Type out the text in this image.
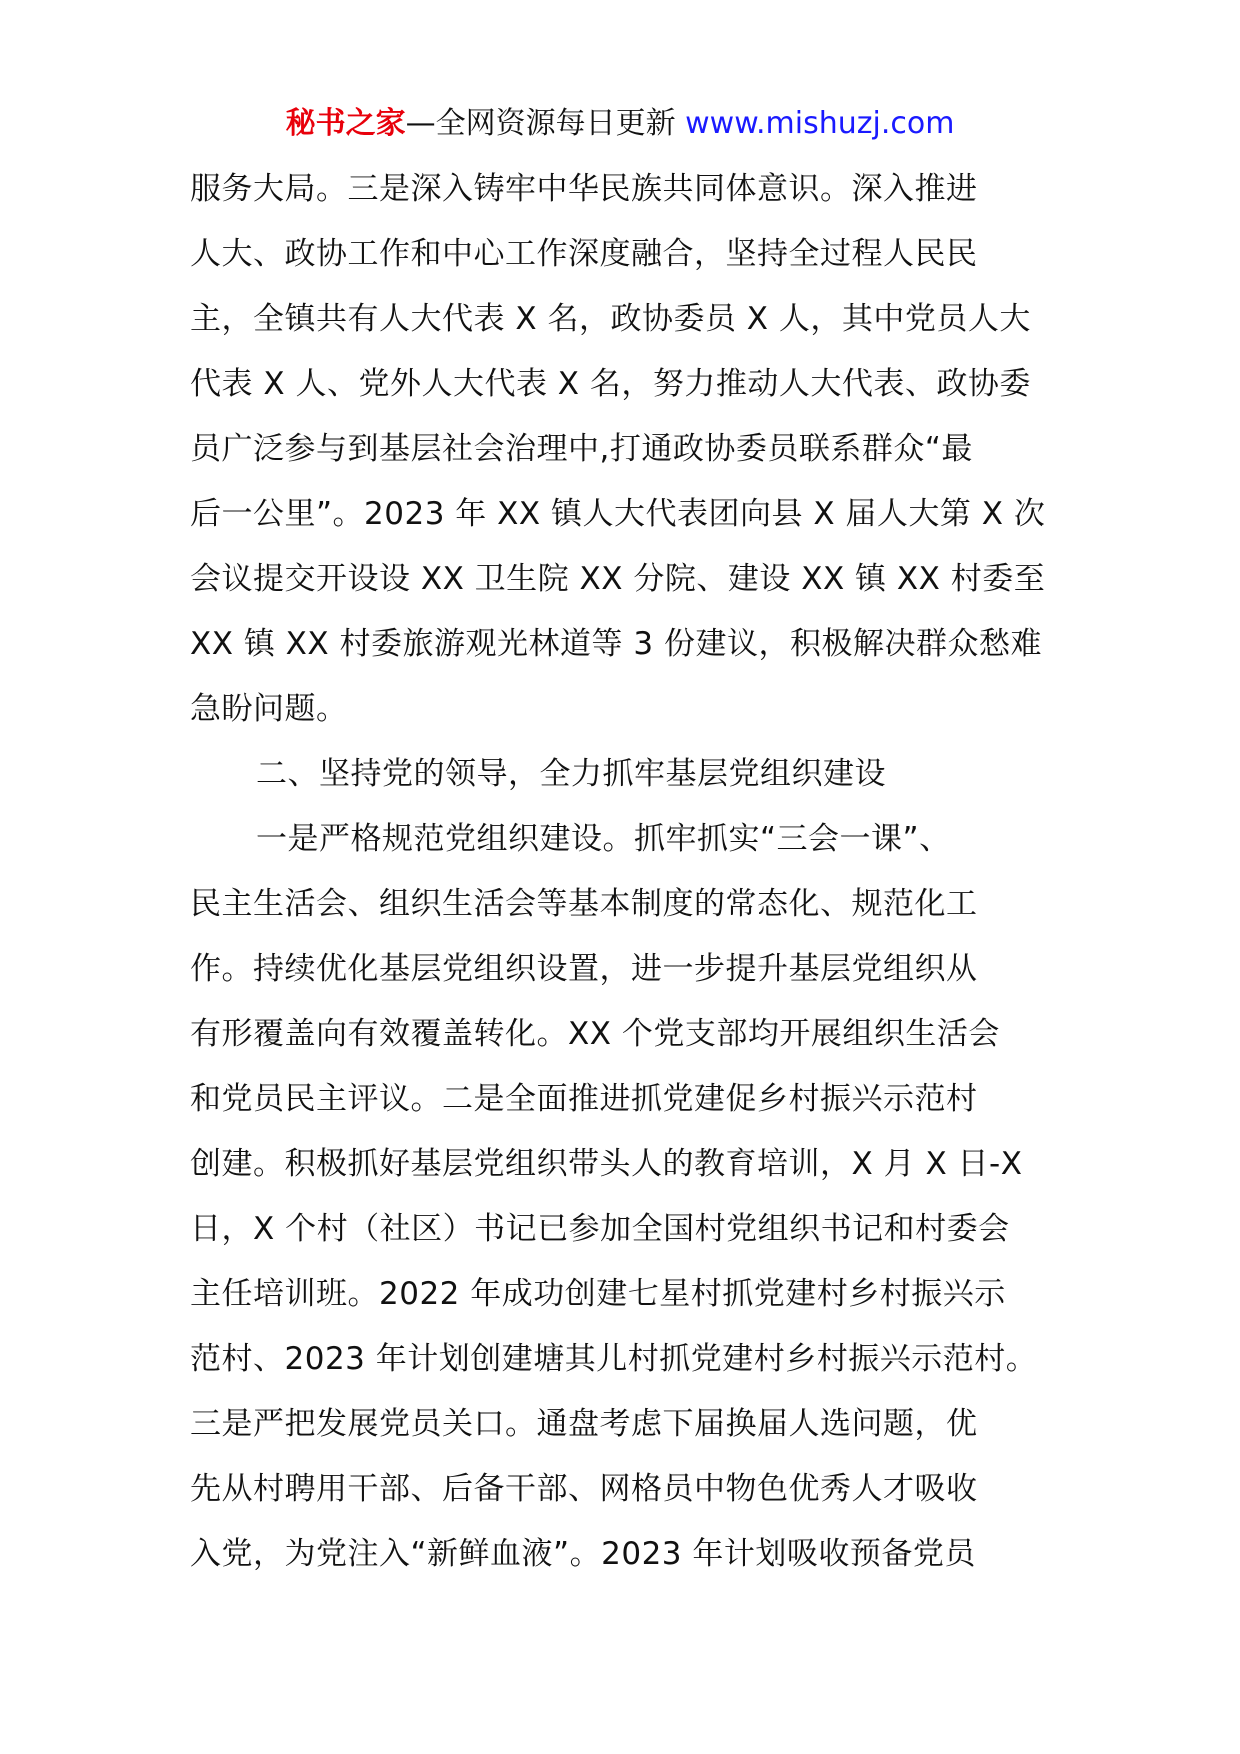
秘书之家—全网资源每日更新 www.mishuzj.com
服务大局。三是深入铸牢中华民族共同体意识。深入推进
人大、政协工作和中心工作深度融合，坚持全过程人民民
主，全镇共有人大代表 X 名，政协委员 X 人，其中党员人大
代表 X 人、党外人大代表 X 名，努力推动人大代表、政协委
员广泛参与到基层社会治理中,打通政协委员联系群众“最
后一公里”。2023 年 XX 镇人大代表团向县 X 届人大第 X 次
会议提交开设设 XX 卫生院 XX 分院、建设 XX 镇 XX 村委至
XX 镇 XX 村委旅游观光林道等 3 份建议，积极解决群众愁难
急盼问题。
二、坚持党的领导，全力抓牢基层党组织建设
一是严格规范党组织建设。抓牢抓实“三会一课”、
民主生活会、组织生活会等基本制度的常态化、规范化工
作。持续优化基层党组织设置，进一步提升基层党组织从
有形覆盖向有效覆盖转化。XX 个党支部均开展组织生活会
和党员民主评议。二是全面推进抓党建促乡村振兴示范村
创建。积极抓好基层党组织带头人的教育培训，X 月 X 日-X
日，X 个村（社区）书记已参加全国村党组织书记和村委会
主任培训班。2022 年成功创建七星村抓党建村乡村振兴示
范村、2023 年计划创建塘其儿村抓党建村乡村振兴示范村。
三是严把发展党员关口。通盘考虑下届换届人选问题，优
先从村聘用干部、后备干部、网格员中物色优秀人才吸收
入党，为党注入“新鲜血液”。2023 年计划吸收预备党员
